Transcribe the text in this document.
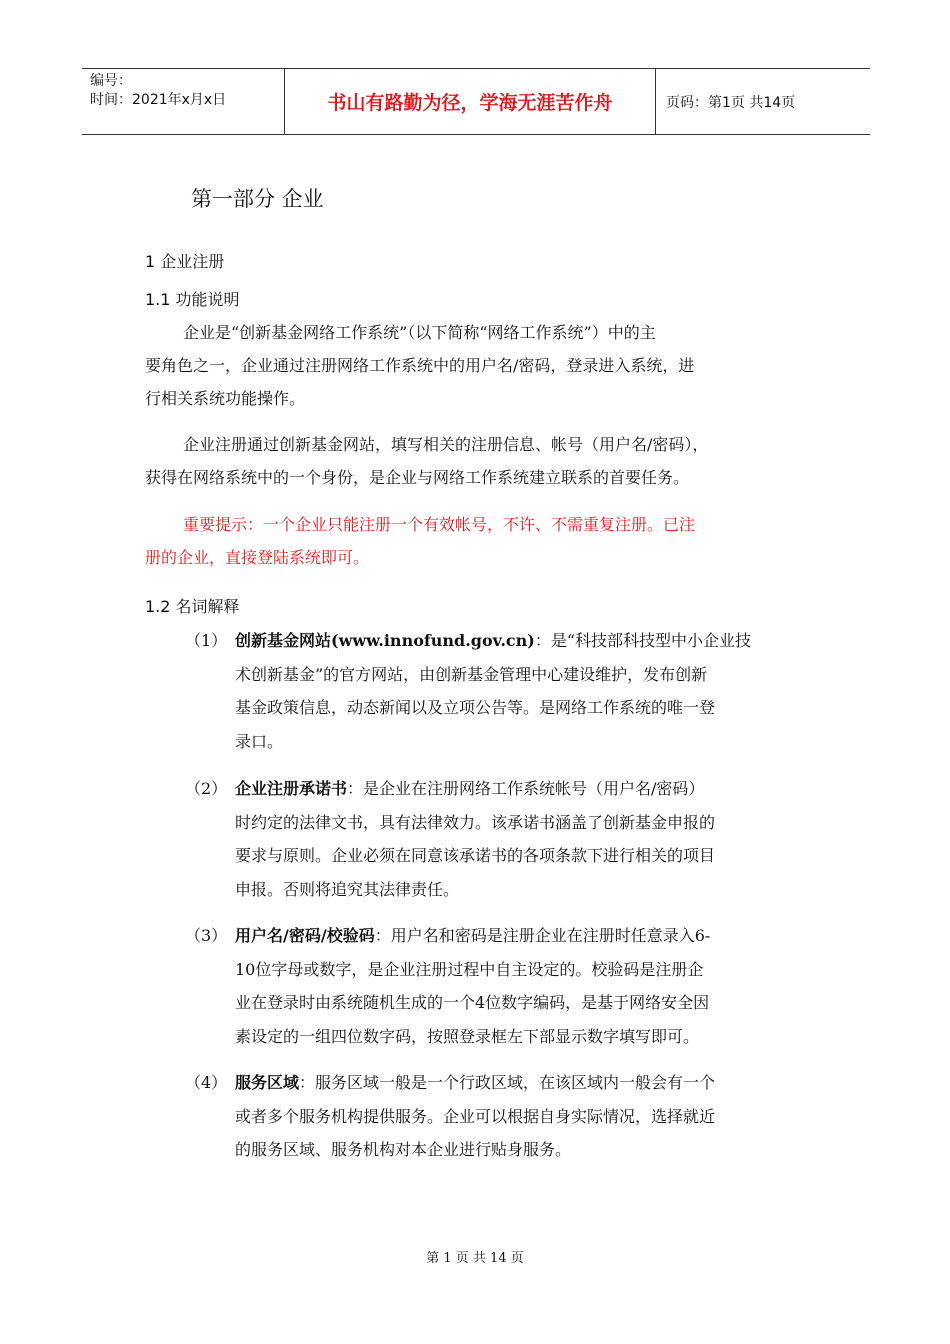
编号：
时间：2021年x月x日	书山有路勤为径，学海无涯苦作舟	页码：第1页 共14页
第一部分 企业
1 企业注册
1.1 功能说明
企业是“创新基金网络工作系统”（以下简称“网络工作系统”）中的主
要角色之一，企业通过注册网络工作系统中的用户名/密码，登录进入系统，进
行相关系统功能操作。
企业注册通过创新基金网站，填写相关的注册信息、帐号（用户名/密码），
获得在网络系统中的一个身份，是企业与网络工作系统建立联系的首要任务。
重要提示：一个企业只能注册一个有效帐号，不许、不需重复注册。已注
册的企业，直接登陆系统即可。
1.2 名词解释
（1） 创新基金网站(www.innofund.gov.cn)：是“科技部科技型中小企业技
术创新基金”的官方网站，由创新基金管理中心建设维护，发布创新
基金政策信息，动态新闻以及立项公告等。是网络工作系统的唯一登
录口。
（2） 企业注册承诺书：是企业在注册网络工作系统帐号（用户名/密码）
时约定的法律文书，具有法律效力。该承诺书涵盖了创新基金申报的
要求与原则。企业必须在同意该承诺书的各项条款下进行相关的项目
申报。否则将追究其法律责任。
（3） 用户名/密码/校验码：用户名和密码是注册企业在注册时任意录入6-
10位字母或数字，是企业注册过程中自主设定的。校验码是注册企
业在登录时由系统随机生成的一个4位数字编码，是基于网络安全因
素设定的一组四位数字码，按照登录框左下部显示数字填写即可。
（4） 服务区域：服务区域一般是一个行政区域，在该区域内一般会有一个
或者多个服务机构提供服务。企业可以根据自身实际情况，选择就近
的服务区域、服务机构对本企业进行贴身服务。
第 1 页 共 14 页
